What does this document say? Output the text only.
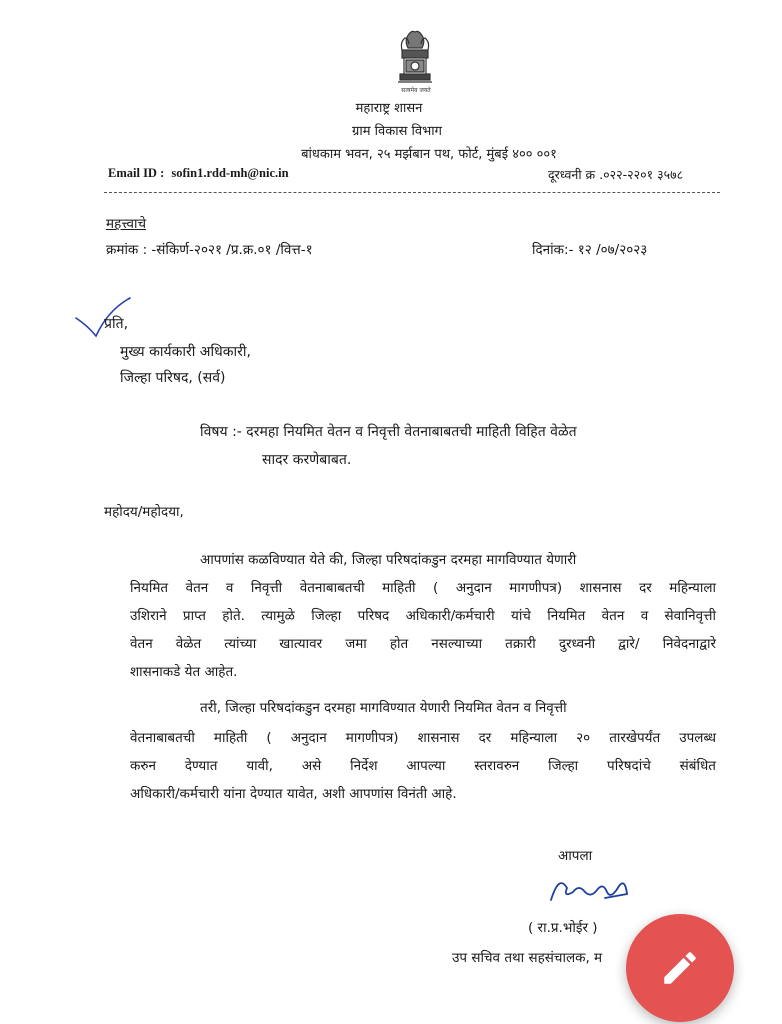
सत्यमेव जयते
महाराष्ट्र शासन
ग्राम विकास विभाग
बांधकाम भवन, २५ मर्झबान पथ, फोर्ट, मुंबई ४०० ००१
Email ID : sofin1.rdd-mh@nic.in	दूरध्वनी क्र .०२२-२२०१ ३५७८
महत्त्वाचे
क्रमांक : -संकिर्ण-२०२१ /प्र.क्र.०१ /वित्त-१	दिनांक:- १२ /०७/२०२३
प्रति,
मुख्य कार्यकारी अधिकारी,
जिल्हा परिषद, (सर्व)
विषय :- दरमहा नियमित वेतन व निवृत्ती वेतनाबाबतची माहिती विहित वेळेत
सादर करणेबाबत.
महोदय/महोदया,
आपणांस कळविण्यात येते की, जिल्हा परिषदांकडुन दरमहा मागविण्यात येणारी
नियमित वेतन व निवृत्ती वेतनाबाबतची माहिती ( अनुदान मागणीपत्र) शासनास दर महिन्याला
उशिराने प्राप्त होते. त्यामुळे जिल्हा परिषद अधिकारी/कर्मचारी यांचे नियमित वेतन व सेवानिवृत्ती
वेतन वेळेत त्यांच्या खात्यावर जमा होत नसल्याच्या तक्रारी दुरध्वनी द्वारे/ निवेदनाद्वारे
शासनाकडे येत आहेत.
तरी, जिल्हा परिषदांकडुन दरमहा मागविण्यात येणारी नियमित वेतन व निवृत्ती
वेतनाबाबतची माहिती ( अनुदान मागणीपत्र) शासनास दर महिन्याला २० तारखेपर्यंत उपलब्ध
करुन देण्यात यावी, असे निर्देश आपल्या स्तरावरुन जिल्हा परिषदांचे संबंधित
अधिकारी/कर्मचारी यांना देण्यात यावेत, अशी आपणांस विनंती आहे.
आपला
( रा.प्र.भोईर )
उप सचिव तथा सहसंचालक, म
